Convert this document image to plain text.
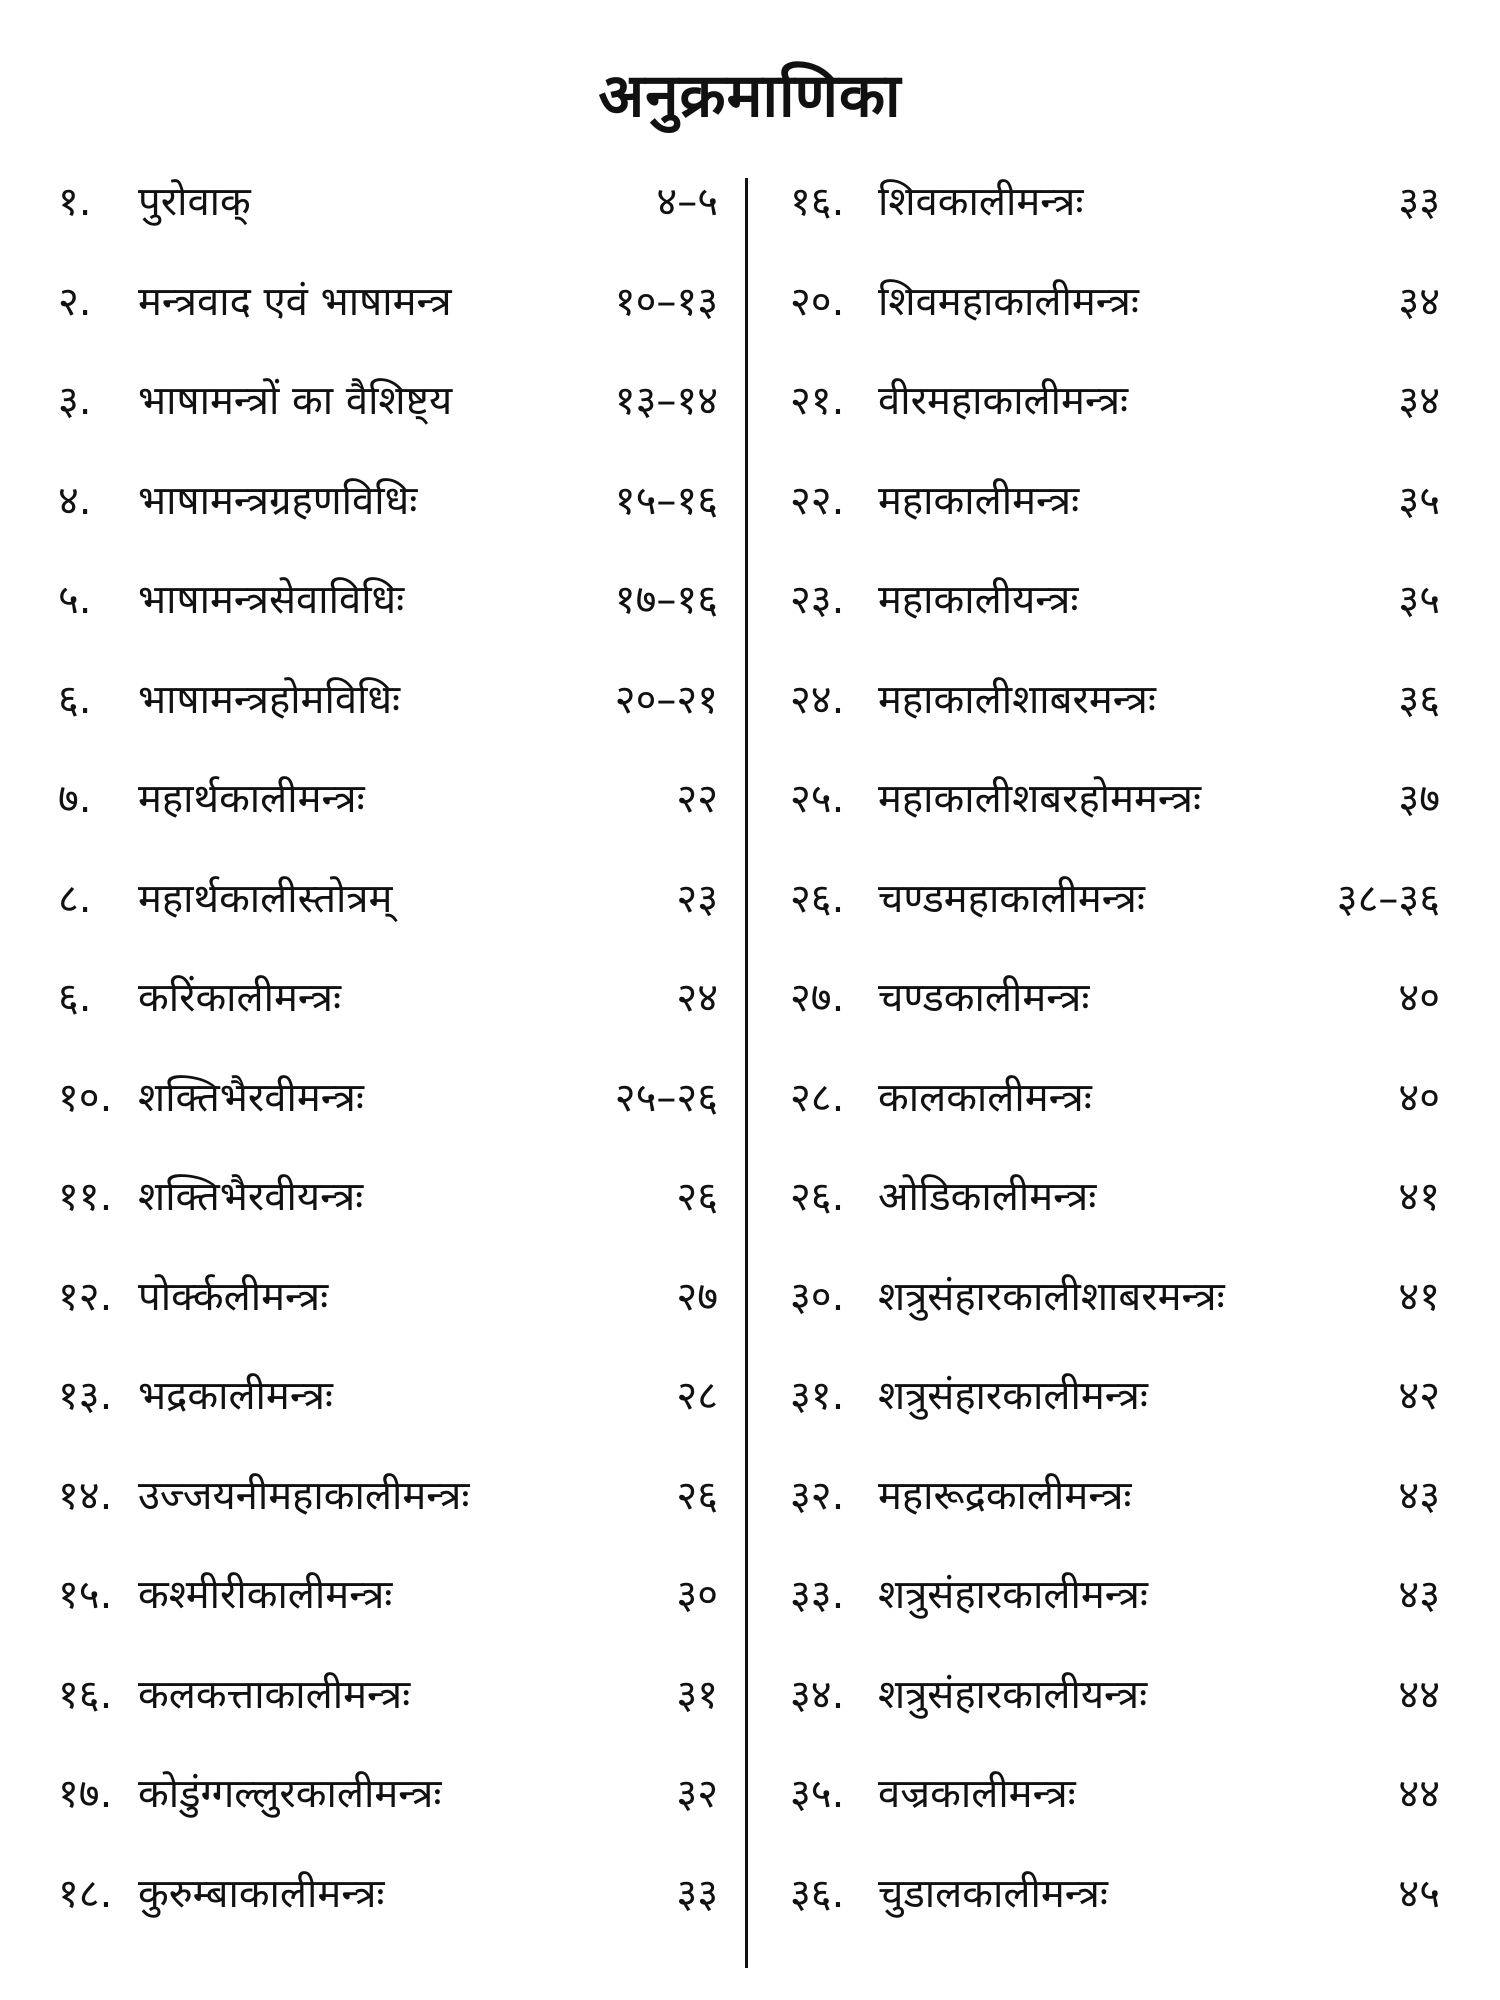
अनुक्रमाणिका
१. पुरोवाक्	४–५
२. मन्त्रवाद एवं भाषामन्त्र	१०–१३
३. भाषामन्त्रों का वैशिष्ट्य	१३–१४
४. भाषामन्त्रग्रहणविधिः	१५–१६
५. भाषामन्त्रसेवाविधिः	१७–१६
६. भाषामन्त्रहोमविधिः	२०–२१
७. महार्थकालीमन्त्रः	२२
८. महार्थकालीस्तोत्रम्	२३
६. करिंकालीमन्त्रः	२४
१०. शक्तिभैरवीमन्त्रः	२५–२६
११. शक्तिभैरवीयन्त्रः	२६
१२. पोर्क्कलीमन्त्रः	२७
१३. भद्रकालीमन्त्रः	२८
१४. उज्जयनीमहाकालीमन्त्रः	२६
१५. कश्मीरीकालीमन्त्रः	३०
१६. कलकत्ताकालीमन्त्रः	३१
१७. कोडुंग्गल्लुरकालीमन्त्रः	३२
१८. कुरुम्बाकालीमन्त्रः	३३
१६. शिवकालीमन्त्रः	३३
२०. शिवमहाकालीमन्त्रः	३४
२१. वीरमहाकालीमन्त्रः	३४
२२. महाकालीमन्त्रः	३५
२३. महाकालीयन्त्रः	३५
२४. महाकालीशाबरमन्त्रः	३६
२५. महाकालीशबरहोममन्त्रः	३७
२६. चण्डमहाकालीमन्त्रः	३८–३६
२७. चण्डकालीमन्त्रः	४०
२८. कालकालीमन्त्रः	४०
२६. ओडिकालीमन्त्रः	४१
३०. शत्रुसंहारकालीशाबरमन्त्रः	४१
३१. शत्रुसंहारकालीमन्त्रः	४२
३२. महारूद्रकालीमन्त्रः	४३
३३. शत्रुसंहारकालीमन्त्रः	४३
३४. शत्रुसंहारकालीयन्त्रः	४४
३५. वज्रकालीमन्त्रः	४४
३६. चुडालकालीमन्त्रः	४५
